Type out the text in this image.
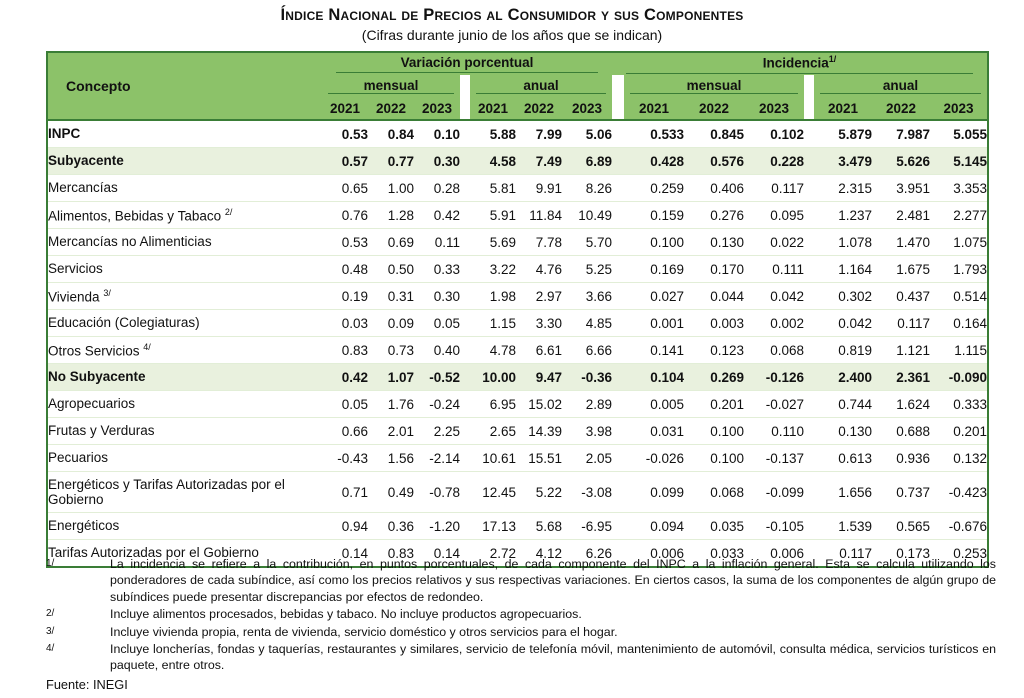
Índice Nacional de Precios al Consumidor y sus Componentes
(Cifras durante junio de los años que se indican)
Concepto	Variación porcentual							Incidencia$^{1/}$

	mensual				anual				mensual				anual		

	2021	2022	2023		2021	2022	2023		2021	2022	2023		2021	2022	2023
INPC	0.53	0.84	0.10		5.88	7.99	5.06		0.533	0.845	0.102		5.879	7.987	5.055
Subyacente	0.57	0.77	0.30		4.58	7.49	6.89		0.428	0.576	0.228		3.479	5.626	5.145
Mercancías	0.65	1.00	0.28		5.81	9.91	8.26		0.259	0.406	0.117		2.315	3.951	3.353
Alimentos, Bebidas y Tabaco $^{2/}$	0.76	1.28	0.42		5.91	11.84	10.49		0.159	0.276	0.095		1.237	2.481	2.277
Mercancías no Alimenticias	0.53	0.69	0.11		5.69	7.78	5.70		0.100	0.130	0.022		1.078	1.470	1.075
Servicios	0.48	0.50	0.33		3.22	4.76	5.25		0.169	0.170	0.111		1.164	1.675	1.793
Vivienda $^{3/}$	0.19	0.31	0.30		1.98	2.97	3.66		0.027	0.044	0.042		0.302	0.437	0.514
Educación (Colegiaturas)	0.03	0.09	0.05		1.15	3.30	4.85		0.001	0.003	0.002		0.042	0.117	0.164
Otros Servicios $^{4/}$	0.83	0.73	0.40		4.78	6.61	6.66		0.141	0.123	0.068		0.819	1.121	1.115
No Subyacente	0.42	1.07	-0.52		10.00	9.47	-0.36		0.104	0.269	-0.126		2.400	2.361	-0.090
Agropecuarios	0.05	1.76	-0.24		6.95	15.02	2.89		0.005	0.201	-0.027		0.744	1.624	0.333
Frutas y Verduras	0.66	2.01	2.25		2.65	14.39	3.98		0.031	0.100	0.110		0.130	0.688	0.201
Pecuarios	-0.43	1.56	-2.14		10.61	15.51	2.05		-0.026	0.100	-0.137		0.613	0.936	0.132
Energéticos y Tarifas Autorizadas por el Gobierno	0.71	0.49	-0.78		12.45	5.22	-3.08		0.099	0.068	-0.099		1.656	0.737	-0.423
Energéticos	0.94	0.36	-1.20		17.13	5.68	-6.95		0.094	0.035	-0.105		1.539	0.565	-0.676
Tarifas Autorizadas por el Gobierno	0.14	0.83	0.14		2.72	4.12	6.26		0.006	0.033	0.006		0.117	0.173	0.253
1/	La incidencia se refiere a la contribución, en puntos porcentuales, de cada componente del INPC a la inflación general. Esta se calcula utilizando los ponderadores de cada subíndice, así como los precios relativos y sus respectivas variaciones. En ciertos casos, la suma de los componentes de algún grupo de subíndices puede presentar discrepancias por efectos de redondeo.
2/	Incluye alimentos procesados, bebidas y tabaco. No incluye productos agropecuarios.
3/	Incluye vivienda propia, renta de vivienda, servicio doméstico y otros servicios para el hogar.
4/	Incluye loncherías, fondas y taquerías, restaurantes y similares, servicio de telefonía móvil, mantenimiento de automóvil, consulta médica, servicios turísticos en paquete, entre otros.
Fuente: INEGI
